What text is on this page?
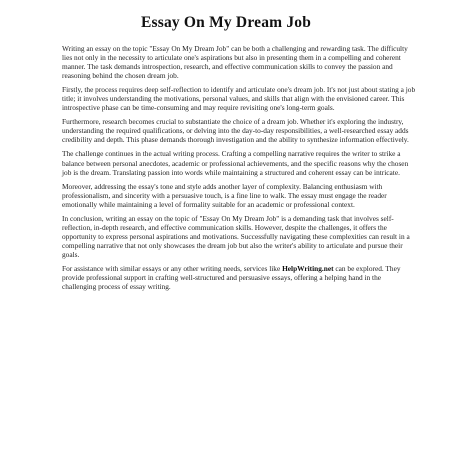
Essay On My Dream Job

Writing an essay on the topic "Essay On My Dream Job" can be both a challenging and rewarding task. The difficulty lies not only in the necessity to articulate one's aspirations but also in presenting them in a compelling and coherent manner. The task demands introspection, research, and effective communication skills to convey the passion and reasoning behind the chosen dream job.

Firstly, the process requires deep self-reflection to identify and articulate one's dream job. It's not just about stating a job title; it involves understanding the motivations, personal values, and skills that align with the envisioned career. This introspective phase can be time-consuming and may require revisiting one's long-term goals.

Furthermore, research becomes crucial to substantiate the choice of a dream job. Whether it's exploring the industry, understanding the required qualifications, or delving into the day-to-day responsibilities, a well-researched essay adds credibility and depth. This phase demands thorough investigation and the ability to synthesize information effectively.

The challenge continues in the actual writing process. Crafting a compelling narrative requires the writer to strike a balance between personal anecdotes, academic or professional achievements, and the specific reasons why the chosen job is the dream. Translating passion into words while maintaining a structured and coherent essay can be intricate.

Moreover, addressing the essay's tone and style adds another layer of complexity. Balancing enthusiasm with professionalism, and sincerity with a persuasive touch, is a fine line to walk. The essay must engage the reader emotionally while maintaining a level of formality suitable for an academic or professional context.

In conclusion, writing an essay on the topic of "Essay On My Dream Job" is a demanding task that involves self-reflection, in-depth research, and effective communication skills. However, despite the challenges, it offers the opportunity to express personal aspirations and motivations. Successfully navigating these complexities can result in a compelling narrative that not only showcases the dream job but also the writer's ability to articulate and pursue their goals.

For assistance with similar essays or any other writing needs, services like HelpWriting.net can be explored. They provide professional support in crafting well-structured and persuasive essays, offering a helping hand in the challenging process of essay writing.
